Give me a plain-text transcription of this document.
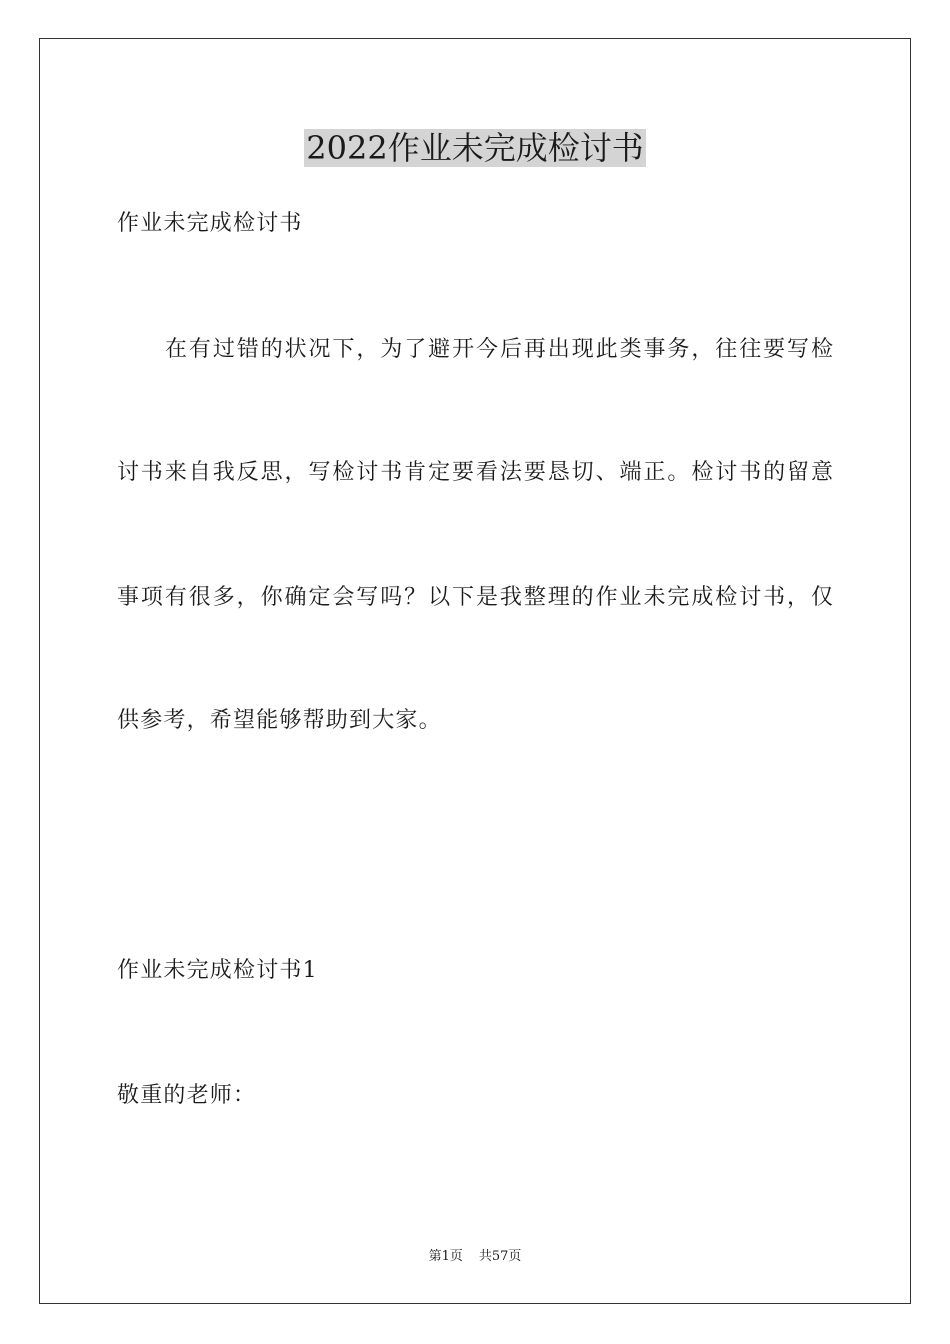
2022作业未完成检讨书

作业未完成检讨书

在有过错的状况下，为了避开今后再出现此类事务，往往要写检

讨书来自我反思，写检讨书肯定要看法要恳切、端正。检讨书的留意

事项有很多，你确定会写吗？以下是我整理的作业未完成检讨书，仅

供参考，希望能够帮助到大家。

作业未完成检讨书1

敬重的老师：

第1页 共57页
